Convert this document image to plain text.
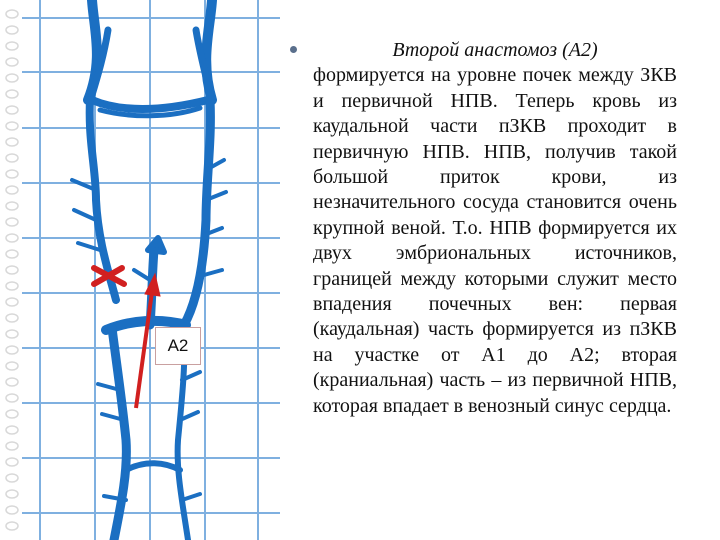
A2
Второй анастомоз (А2)
формируется на уровне почек между ЗКВ и первичной НПВ. Теперь кровь из каудальной части пЗКВ проходит в первичную НПВ. НПВ, получив такой большой приток крови, из незначительного сосуда становится очень крупной веной. Т.о. НПВ формируется их двух эмбриональных источников, границей между которыми служит место впадения почечных вен: первая (каудальная) часть формируется из пЗКВ на участке от А1 до А2; вторая (краниальная) часть – из первичной НПВ, которая впадает в венозный синус сердца.
